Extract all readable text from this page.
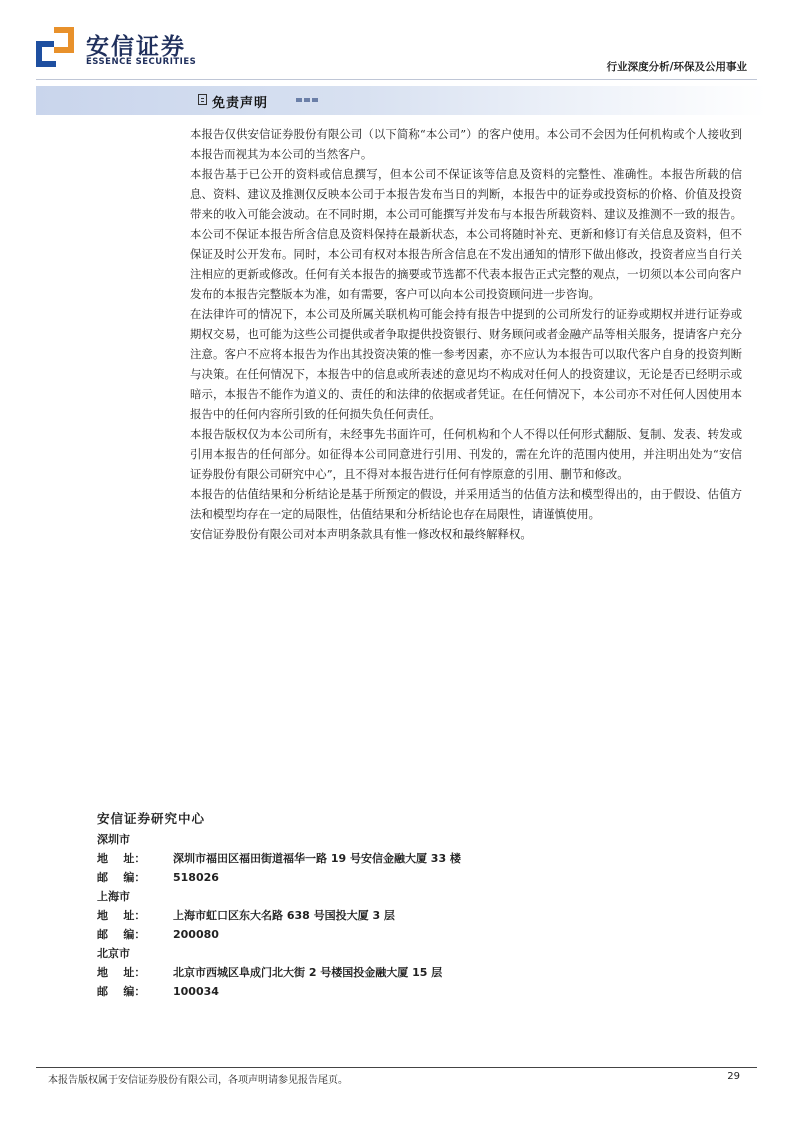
安信证券
ESSENCE SECURITIES	行业深度分析/环保及公用事业
免责声明

本报告仅供安信证券股份有限公司（以下简称“本公司”）的客户使用。本公司不会因为任何机构或个人接收到本报告而视其为本公司的当然客户。

本报告基于已公开的资料或信息撰写，但本公司不保证该等信息及资料的完整性、准确性。本报告所载的信息、资料、建议及推测仅反映本公司于本报告发布当日的判断，本报告中的证券或投资标的价格、价值及投资带来的收入可能会波动。在不同时期，本公司可能撰写并发布与本报告所载资料、建议及推测不一致的报告。本公司不保证本报告所含信息及资料保持在最新状态，本公司将随时补充、更新和修订有关信息及资料，但不保证及时公开发布。同时，本公司有权对本报告所含信息在不发出通知的情形下做出修改，投资者应当自行关注相应的更新或修改。任何有关本报告的摘要或节选都不代表本报告正式完整的观点，一切须以本公司向客户发布的本报告完整版本为准，如有需要，客户可以向本公司投资顾问进一步咨询。

在法律许可的情况下，本公司及所属关联机构可能会持有报告中提到的公司所发行的证券或期权并进行证券或期权交易，也可能为这些公司提供或者争取提供投资银行、财务顾问或者金融产品等相关服务，提请客户充分注意。客户不应将本报告为作出其投资决策的惟一参考因素，亦不应认为本报告可以取代客户自身的投资判断与决策。在任何情况下，本报告中的信息或所表述的意见均不构成对任何人的投资建议，无论是否已经明示或暗示，本报告不能作为道义的、责任的和法律的依据或者凭证。在任何情况下，本公司亦不对任何人因使用本报告中的任何内容所引致的任何损失负任何责任。

本报告版权仅为本公司所有，未经事先书面许可，任何机构和个人不得以任何形式翻版、复制、发表、转发或引用本报告的任何部分。如征得本公司同意进行引用、刊发的，需在允许的范围内使用，并注明出处为“安信证券股份有限公司研究中心”，且不得对本报告进行任何有悖原意的引用、删节和修改。

本报告的估值结果和分析结论是基于所预定的假设，并采用适当的估值方法和模型得出的，由于假设、估值方法和模型均存在一定的局限性，估值结果和分析结论也存在局限性，请谨慎使用。

安信证券股份有限公司对本声明条款具有惟一修改权和最终解释权。

安信证券研究中心
深圳市
地    址：	深圳市福田区福田街道福华一路 19 号安信金融大厦 33 楼
邮    编：	518026
上海市
地    址：	上海市虹口区东大名路 638 号国投大厦 3 层
邮    编：	200080
北京市
地    址：	北京市西城区阜成门北大街 2 号楼国投金融大厦 15 层
邮    编：	100034
本报告版权属于安信证券股份有限公司，各项声明请参见报告尾页。	29
